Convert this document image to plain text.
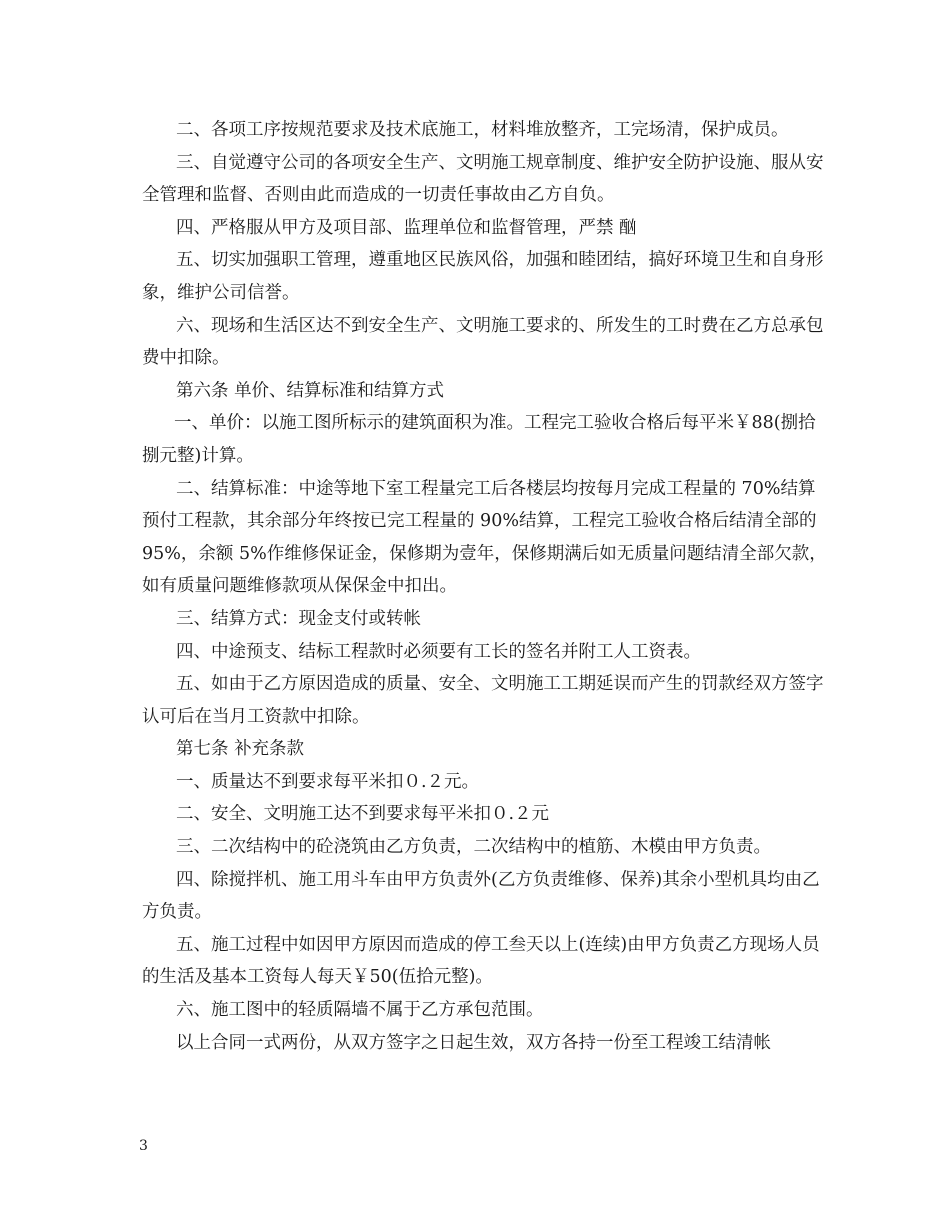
二、各项工序按规范要求及技术底施工，材料堆放整齐，工完场清，保护成员。

三、自觉遵守公司的各项安全生产、文明施工规章制度、维护安全防护设施、服从安全管理和监督、否则由此而造成的一切责任事故由乙方自负。

四、严格服从甲方及项目部、监理单位和监督管理，严禁 酗

五、切实加强职工管理，遵重地区民族风俗，加强和睦团结，搞好环境卫生和自身形象，维护公司信誉。

六、现场和生活区达不到安全生产、文明施工要求的、所发生的工时费在乙方总承包费中扣除。

第六条 单价、结算标准和结算方式

一、单价：以施工图所标示的建筑面积为准。工程完工验收合格后每平米￥88(捌拾捌元整)计算。

二、结算标准：中途等地下室工程量完工后各楼层均按每月完成工程量的 70%结算预付工程款，其余部分年终按已完工程量的 90%结算，工程完工验收合格后结清全部的 95%，余额 5%作维修保证金，保修期为壹年，保修期满后如无质量问题结清全部欠款，如有质量问题维修款项从保保金中扣出。

三、结算方式：现金支付或转帐

四、中途预支、结标工程款时必须要有工长的签名并附工人工资表。

五、如由于乙方原因造成的质量、安全、文明施工工期延误而产生的罚款经双方签字认可后在当月工资款中扣除。

第七条 补充条款

一、质量达不到要求每平米扣０.２元。

二、安全、文明施工达不到要求每平米扣０.２元

三、二次结构中的砼浇筑由乙方负责，二次结构中的植筋、木模由甲方负责。

四、除搅拌机、施工用斗车由甲方负责外(乙方负责维修、保养)其余小型机具均由乙方负责。

五、施工过程中如因甲方原因而造成的停工叁天以上(连续)由甲方负责乙方现场人员的生活及基本工资每人每天￥50(伍拾元整)。

六、施工图中的轻质隔墙不属于乙方承包范围。

以上合同一式两份，从双方签字之日起生效，双方各持一份至工程竣工结清帐

3
